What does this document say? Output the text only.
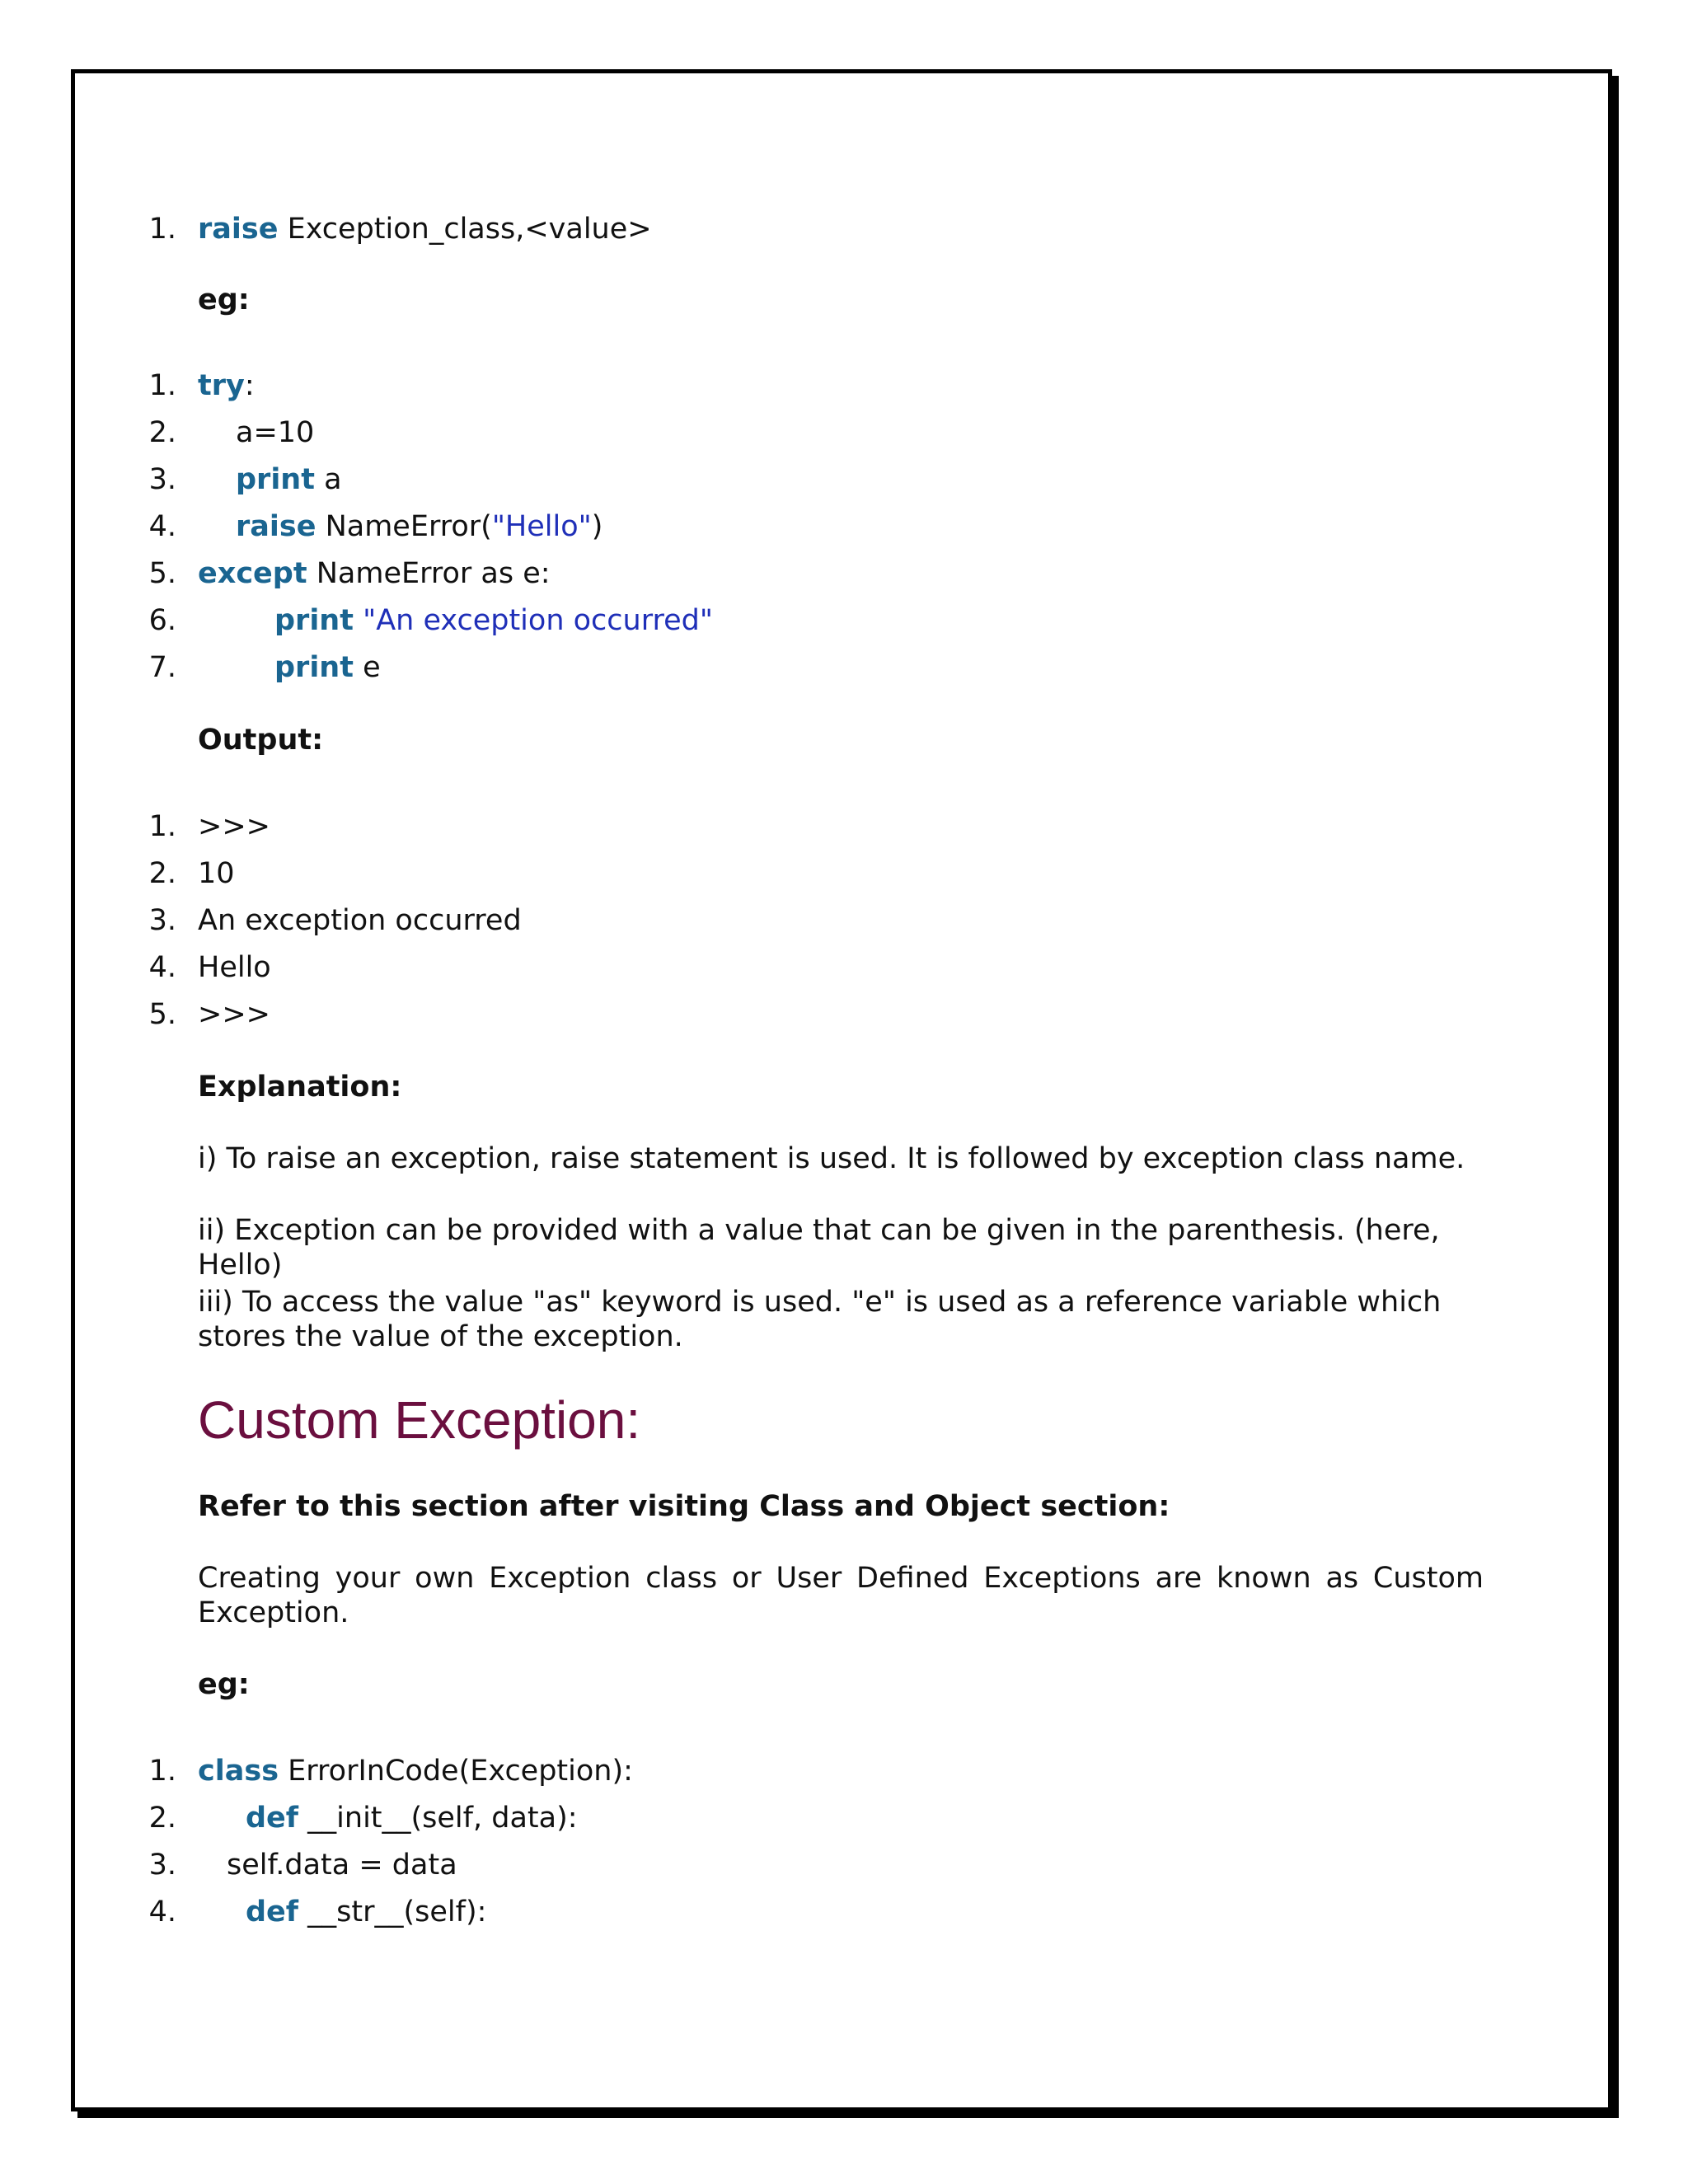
1. raise Exception_class,<value>
eg:
1.
2.
3.
4.
5.
6.
7.
try:
a=10
print a
raise NameError("Hello")
except NameError as e:
print "An exception occurred"
print e
Output:
1.
2.
3.
4.
5.
>>>
10
An exception occurred
Hello
>>>
Explanation:
i) To raise an exception, raise statement is used. It is followed by exception class name.
ii) Exception can be provided with a value that can be given in the parenthesis. (here, Hello)
iii) To access the value "as" keyword is used. "e" is used as a reference variable which stores the value of the exception.
Custom Exception:
Refer to this section after visiting Class and Object section:
Creating your own Exception class or User Defined Exceptions are known as Custom Exception.
eg:
1.
2.
3.
4.
class ErrorInCode(Exception):
def __init__(self, data):
self.data = data
def __str__(self):
